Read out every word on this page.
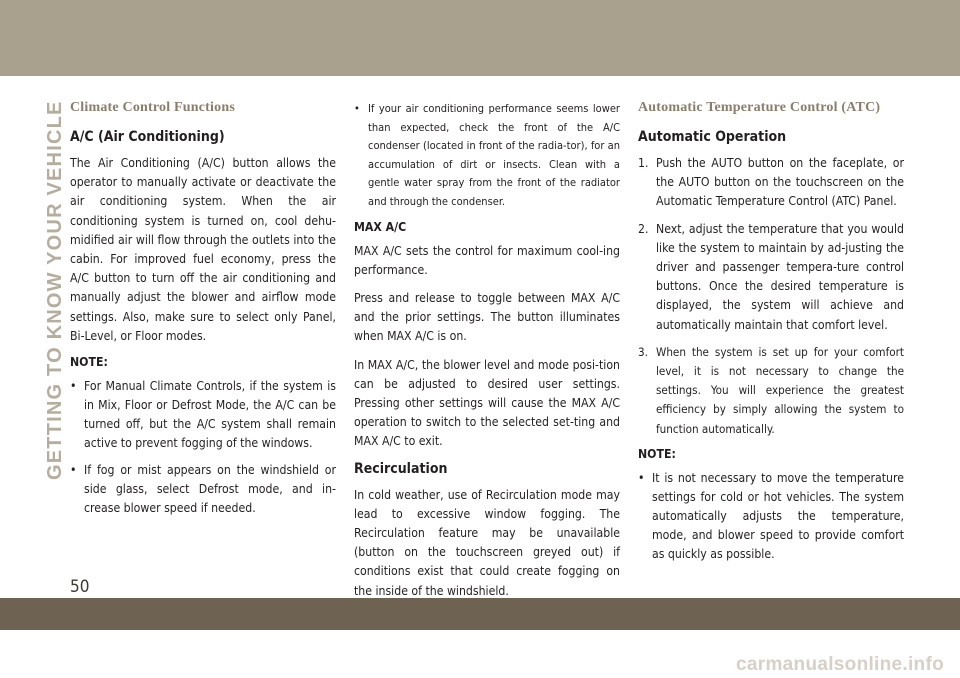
GETTING TO KNOW YOUR VEHICLE Climate Control Functions
A/C (Air Conditioning)

The Air Conditioning (A/C) button allows the operator to manually activate or deactivate the air conditioning system. When the air conditioning system is turned on, cool dehu-midified air will flow through the outlets into the cabin. For improved fuel economy, press the A/C button to turn off the air conditioning and manually adjust the blower and airflow mode settings. Also, make sure to select only Panel, Bi-Level, or Floor modes.

NOTE:
• For Manual Climate Controls, if the system is in Mix, Floor or Defrost Mode, the A/C can be turned off, but the A/C system shall remain active to prevent fogging of the windows.
• If fog or mist appears on the windshield or side glass, select Defrost mode, and in-crease blower speed if needed.
• If your air conditioning performance seems lower than expected, check the front of the A/C condenser (located in front of the radia-tor), for an accumulation of dirt or insects. Clean with a gentle water spray from the front of the radiator and through the condenser.
MAX A/C

MAX A/C sets the control for maximum cool-ing performance.

Press and release to toggle between MAX A/C and the prior settings. The button illuminates when MAX A/C is on.

In MAX A/C, the blower level and mode posi-tion can be adjusted to desired user settings. Pressing other settings will cause the MAX A/C operation to switch to the selected set-ting and MAX A/C to exit.

Recirculation

In cold weather, use of Recirculation mode may lead to excessive window fogging. The Recirculation feature may be unavailable (button on the touchscreen greyed out) if conditions exist that could create fogging on the inside of the windshield.

Automatic Temperature Control (ATC)
Automatic Operation
1. Push the AUTO button on the faceplate, or the AUTO button on the touchscreen on the Automatic Temperature Control (ATC) Panel.
2. Next, adjust the temperature that you would like the system to maintain by ad-justing the driver and passenger tempera-ture control buttons. Once the desired temperature is displayed, the system will achieve and automatically maintain that comfort level.
3. When the system is set up for your comfort level, it is not necessary to change the settings. You will experience the greatest efficiency by simply allowing the system to function automatically.
NOTE:
• It is not necessary to move the temperature settings for cold or hot vehicles. The system automatically adjusts the temperature, mode, and blower speed to provide comfort as quickly as possible.
50
carmanualsonline.info
